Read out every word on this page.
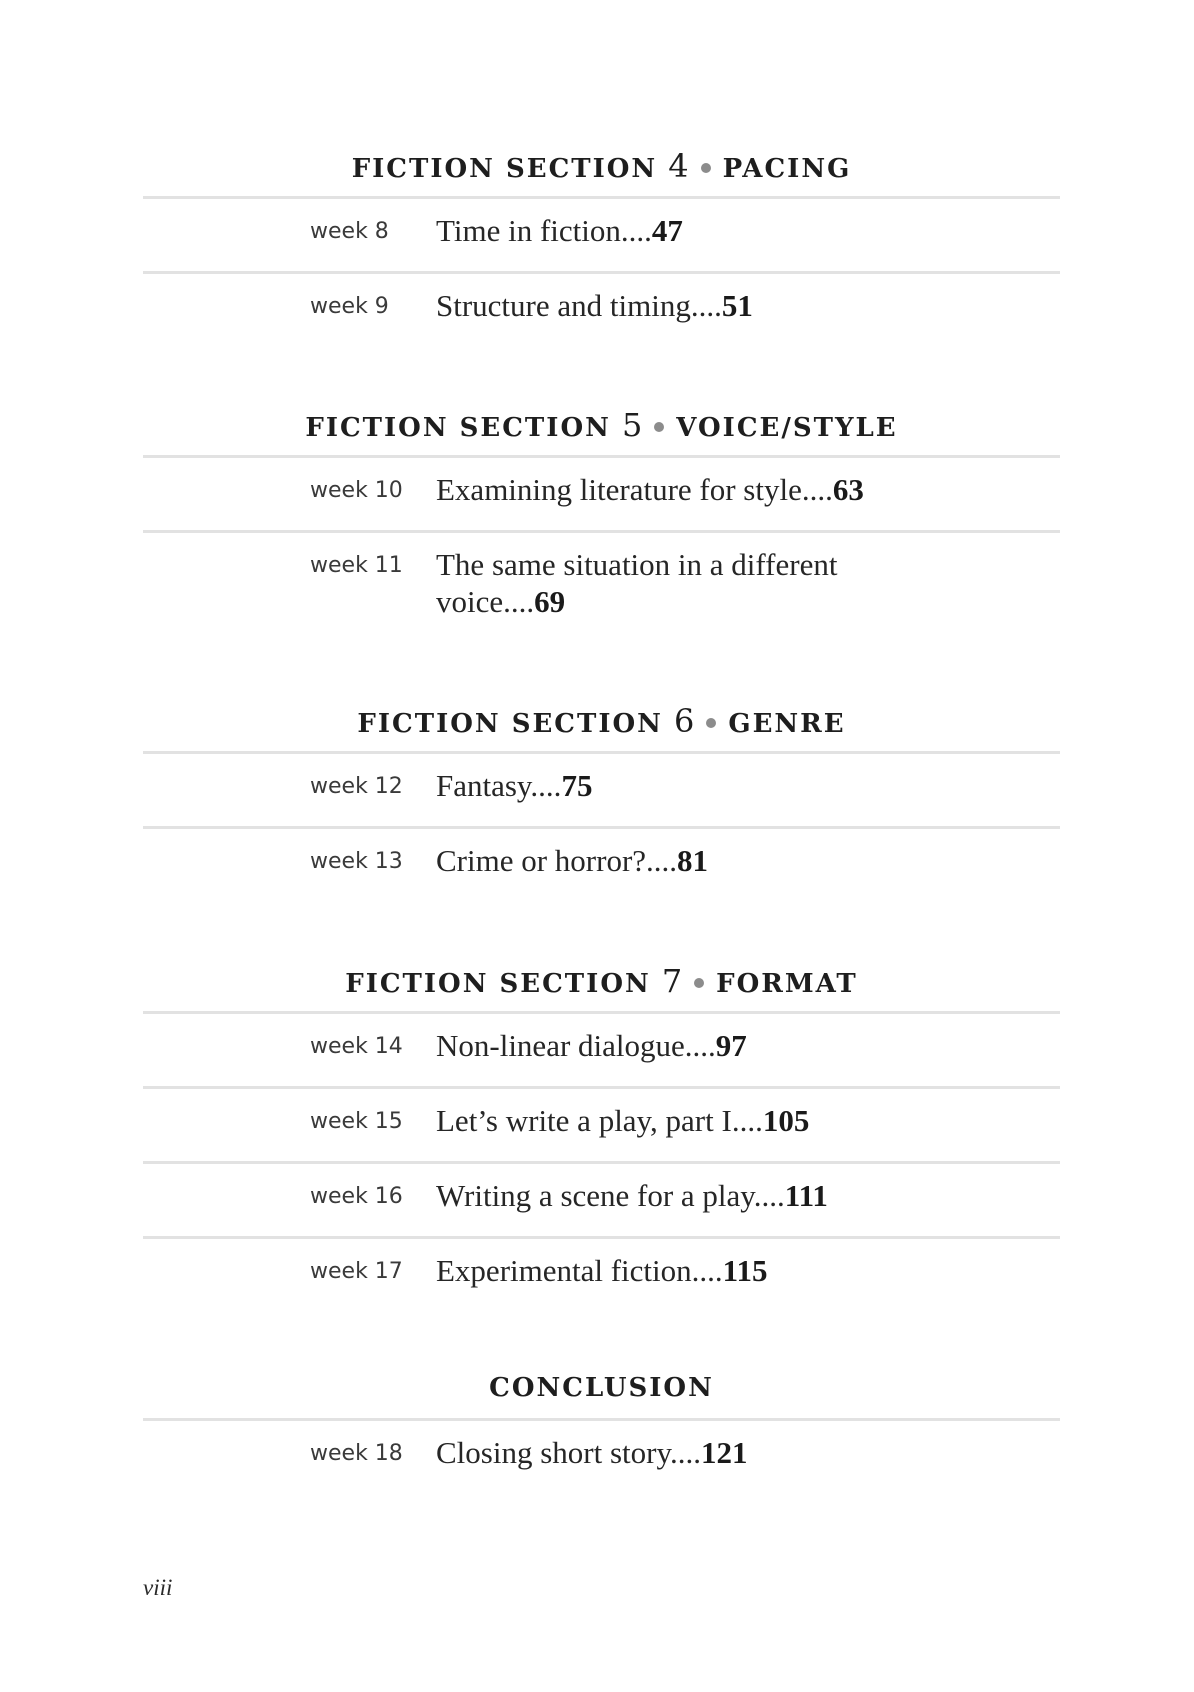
FICTION SECTION 4 PACING
week 8 Time in fiction....47
week 9 Structure and timing....51
FICTION SECTION 5 VOICE/STYLE
week 10 Examining literature for style....63
week 11 The same situation in a different voice....69
FICTION SECTION 6 GENRE
week 12 Fantasy....75
week 13 Crime or horror?....81
FICTION SECTION 7 FORMAT
week 14 Non-linear dialogue....97
week 15 Let’s write a play, part I....105
week 16 Writing a scene for a play....111
week 17 Experimental fiction....115
CONCLUSION
week 18 Closing short story....121
viii
